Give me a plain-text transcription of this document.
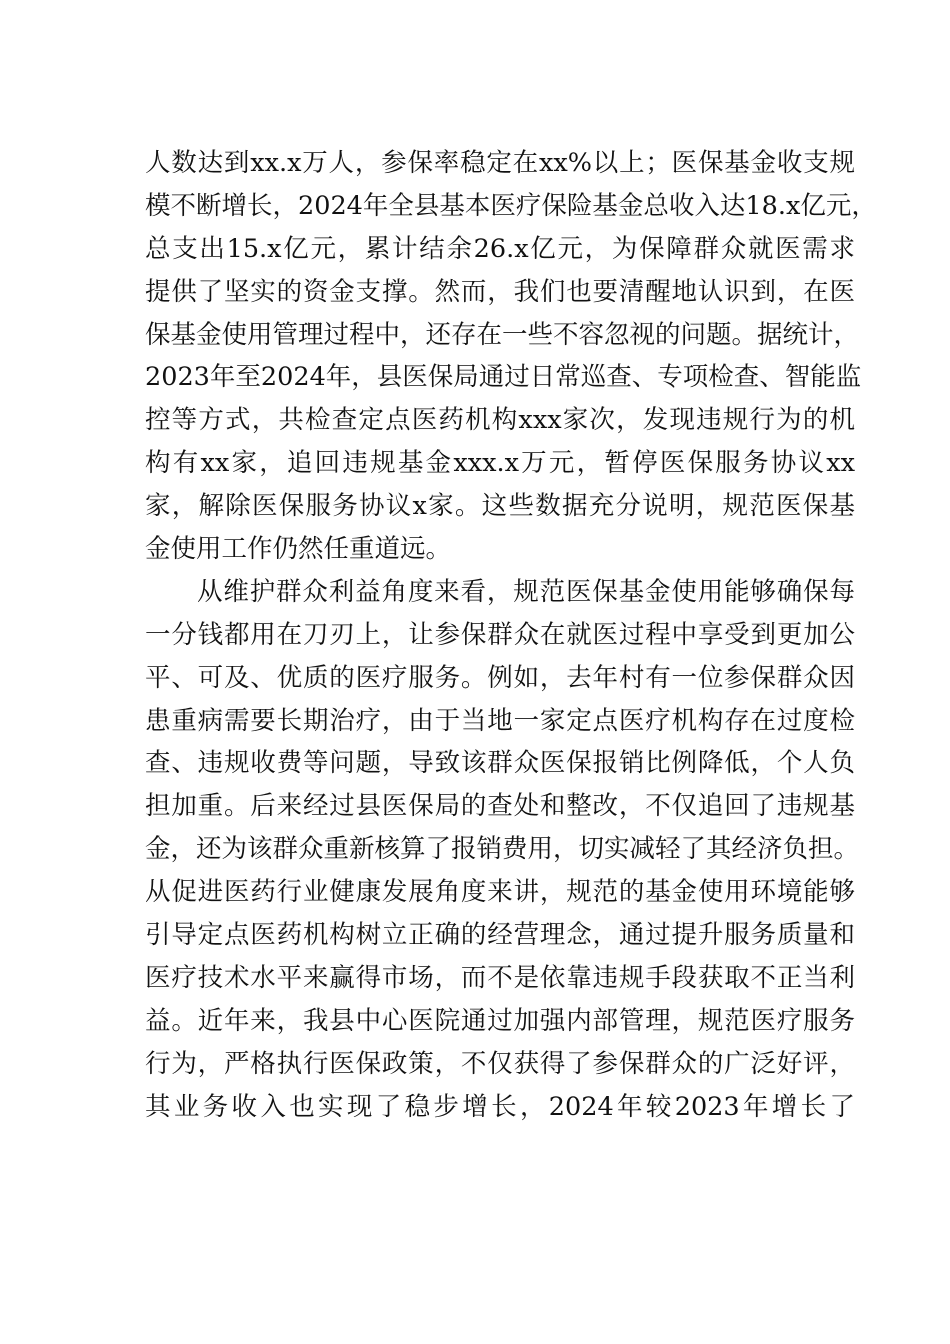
人数达到xx.x万人，参保率稳定在xx%以上；医保基金收支规
模不断增长，2024年全县基本医疗保险基金总收入达18.x亿元，
总支出15.x亿元，累计结余26.x亿元，为保障群众就医需求
提供了坚实的资金支撑。然而，我们也要清醒地认识到，在医
保基金使用管理过程中，还存在一些不容忽视的问题。据统计，
2023年至2024年，县医保局通过日常巡查、专项检查、智能监
控等方式，共检查定点医药机构xxx家次，发现违规行为的机
构有xx家，追回违规基金xxx.x万元，暂停医保服务协议xx
家，解除医保服务协议x家。这些数据充分说明，规范医保基
金使用工作仍然任重道远。
从维护群众利益角度来看，规范医保基金使用能够确保每
一分钱都用在刀刃上，让参保群众在就医过程中享受到更加公
平、可及、优质的医疗服务。例如，去年村有一位参保群众因
患重病需要长期治疗，由于当地一家定点医疗机构存在过度检
查、违规收费等问题，导致该群众医保报销比例降低，个人负
担加重。后来经过县医保局的查处和整改，不仅追回了违规基
金，还为该群众重新核算了报销费用，切实减轻了其经济负担。
从促进医药行业健康发展角度来讲，规范的基金使用环境能够
引导定点医药机构树立正确的经营理念，通过提升服务质量和
医疗技术水平来赢得市场，而不是依靠违规手段获取不正当利
益。近年来，我县中心医院通过加强内部管理，规范医疗服务
行为，严格执行医保政策，不仅获得了参保群众的广泛好评，
其业务收入也实现了稳步增长，2024年较2023年增长了
